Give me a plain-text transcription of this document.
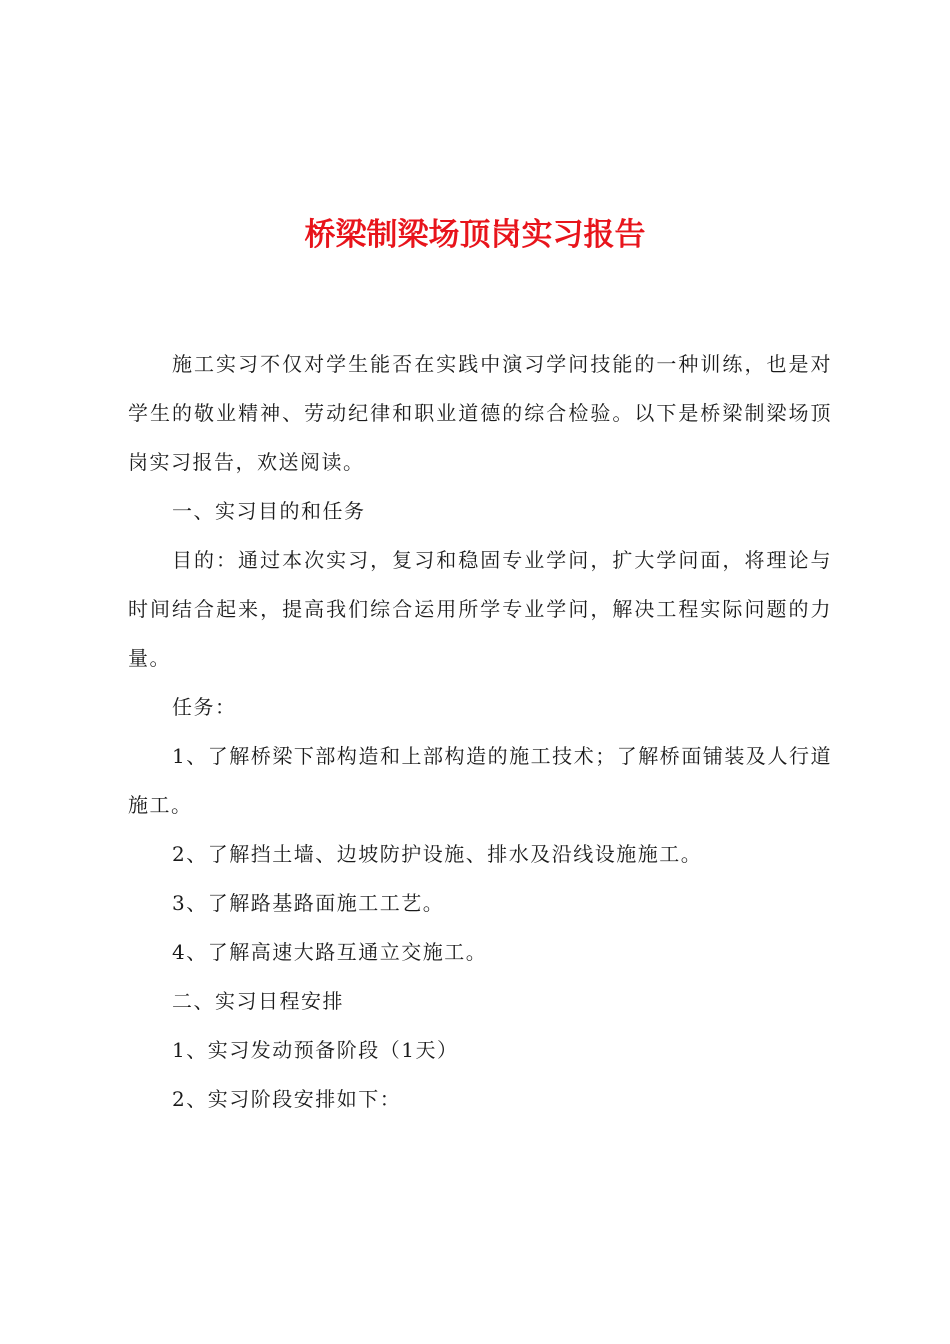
桥梁制梁场顶岗实习报告

施工实习不仅对学生能否在实践中演习学问技能的一种训练，也是对学生的敬业精神、劳动纪律和职业道德的综合检验。以下是桥梁制梁场顶岗实习报告，欢送阅读。

一、实习目的和任务

目的：通过本次实习，复习和稳固专业学问，扩大学问面，将理论与时间结合起来，提高我们综合运用所学专业学问，解决工程实际问题的力量。

任务：

1、了解桥梁下部构造和上部构造的施工技术；了解桥面铺装及人行道施工。

2、了解挡土墙、边坡防护设施、排水及沿线设施施工。

3、了解路基路面施工工艺。

4、了解高速大路互通立交施工。

二、实习日程安排

1、实习发动预备阶段（1天）

2、实习阶段安排如下：
